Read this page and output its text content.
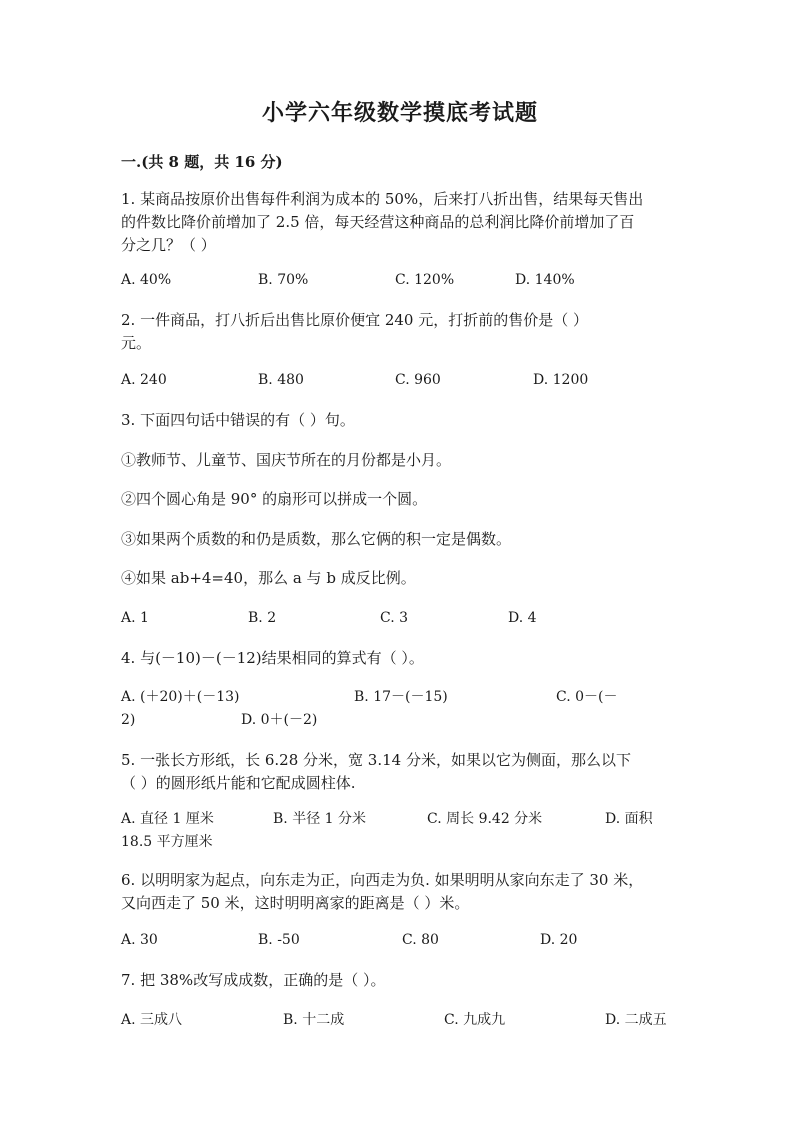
小学六年级数学摸底考试题
一.(共 8 题，共 16 分)
1. 某商品按原价出售每件利润为成本的 50%，后来打八折出售，结果每天售出
的件数比降价前增加了 2.5 倍，每天经营这种商品的总利润比降价前增加了百
分之几？（ ）
A. 40%	B. 70%	C. 120%	D. 140%
2. 一件商品，打八折后出售比原价便宜 240 元，打折前的售价是（ ）
元。
A. 240	B. 480	C. 960	D. 1200
3. 下面四句话中错误的有（ ）句。
①教师节、儿童节、国庆节所在的月份都是小月。
②四个圆心角是 90° 的扇形可以拼成一个圆。
③如果两个质数的和仍是质数，那么它俩的积一定是偶数。
④如果 ab+4=40，那么 a 与 b 成反比例。
A. 1	B. 2	C. 3	D. 4
4. 与(－10)－(－12)结果相同的算式有（ ）。
A. (＋20)＋(－13)	B. 17－(－15)	C. 0－(－
2)	D. 0＋(－2)
5. 一张长方形纸，长 6.28 分米，宽 3.14 分米，如果以它为侧面，那么以下
（ ）的圆形纸片能和它配成圆柱体.
A. 直径 1 厘米	B. 半径 1 分米	C. 周长 9.42 分米	D. 面积
18.5 平方厘米
6. 以明明家为起点，向东走为正，向西走为负. 如果明明从家向东走了 30 米，
又向西走了 50 米，这时明明离家的距离是（ ）米。
A. 30	B. -50	C. 80	D. 20
7. 把 38%改写成成数，正确的是（ ）。
A. 三成八	B. 十二成	C. 九成九	D. 二成五
